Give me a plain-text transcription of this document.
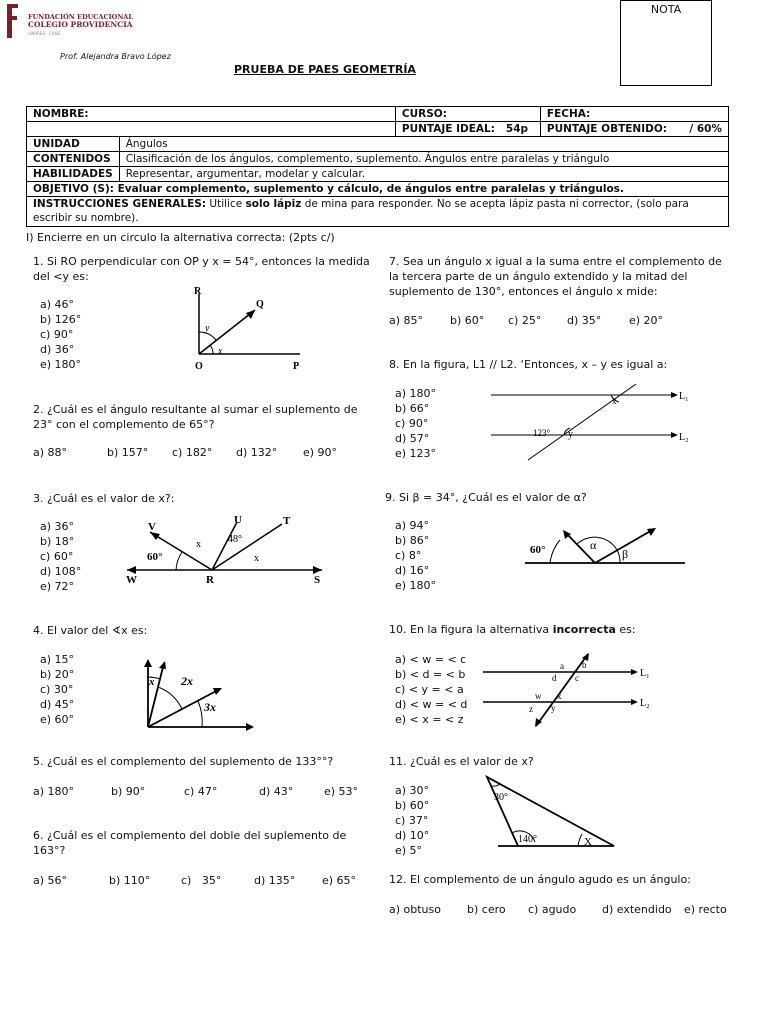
FUNDACIÓN EDUCACIONAL
COLEGIO PROVIDENCIA
LINARES · CHILE
NOTA
Prof. Alejandra Bravo López
PRUEBA DE PAES GEOMETRÍA
NOMBRE:		CURSO:	FECHA:
		PUNTAJE IDEAL: 54p	PUNTAJE OBTENIDO: / 60%

UNIDAD	Ángulos		
CONTENIDOS	Clasificación de los ángulos, complemento, suplemento. Ángulos entre paralelas y triángulo		
HABILIDADES	Representar, argumentar, modelar y calcular.		
OBJETIVO (S): Evaluar complemento, suplemento y cálculo, de ángulos entre paralelas y triángulos.			
INSTRUCCIONES GENERALES: Utilice solo lápiz de mina para responder. No se acepta lápiz pasta ni corrector, (solo para escribir su nombre).			
I) Encierre en un circulo la alternativa correcta: (2pts c/)
1. Si RO perpendicular con OP y x = 54°, entonces la medida del <y es:
a) 46°
b) 126°
c) 90°
d) 36°
e) 180°
R
Q
y
x
O	P
2. ¿Cuál es el ángulo resultante al sumar el suplemento de 23° con el complemento de 65°?
a) 88°	b) 157° c) 182° d) 132° e) 90°
3. ¿Cuál es el valor de x?:
a) 36°
b) 18°
c) 60°
d) 108°
e) 72°
V
U	T
x	48°
x
60°
W	R	S
4. El valor del ∢x es:
a) 15°
b) 20°
c) 30°
d) 45°
e) 60°
x 2x
3x
5. ¿Cuál es el complemento del suplemento de 133°°?
a) 180°	b) 90°	c) 47°	d) 43°	e) 53°
6. ¿Cuál es el complemento del doble del suplemento de 163°?
a) 56°	b) 110°	c)   35°	d) 135° e) 65°
7. Sea un ángulo x igual a la suma entre el complemento de la tercera parte de un ángulo extendido y la mitad del suplemento de 130°, entonces el ángulo x mide:
a) 85° b) 60° c) 25° d) 35°	e) 20°
8. En la figura, L1 // L2. ‘Entonces, x – y es igual a:
a) 180°
b) 66°
c) 90°
d) 57°
e) 123°
x	L₁
123° y	L₂
9. Si β = 34°, ¿Cuál es el valor de α?
a) 94°
b) 86°
c) 8°
d) 16°
e) 180°
60°	α
β
10. En la figura la alternativa incorrecta es:
a) < w = < c
b) < d = < b
c) < y = < a
d) < w = < d
e) < x = < z
a b
d c	L₁
w x
z y	L₂
11. ¿Cuál es el valor de x?
a) 30°
b) 60°
c) 37°
d) 10°
e) 5°
30°
140°	X
12. El complemento de un ángulo agudo es un ángulo:
a) obtuso b) cero c) agudo d) extendido e) recto
